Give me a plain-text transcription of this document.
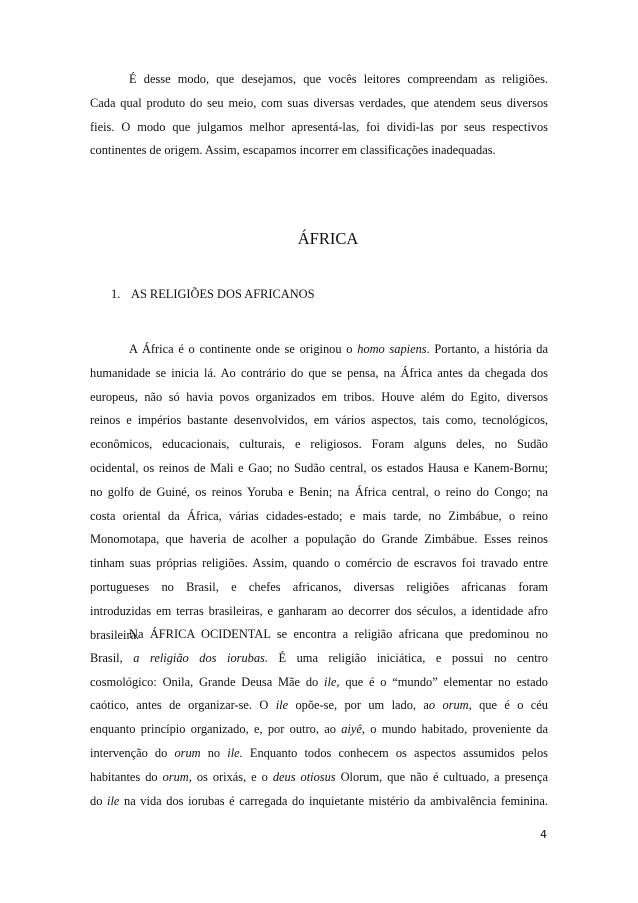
É desse modo, que desejamos, que vocês leitores compreendam as religiões.
Cada qual produto do seu meio, com suas diversas verdades, que atendem seus diversos
fieis. O modo que julgamos melhor apresentá-las, foi dividi-las por seus respectivos
continentes de origem. Assim, escapamos incorrer em classificações inadequadas.
ÁFRICA
1. AS RELIGIÕES DOS AFRICANOS
A África é o continente onde se originou o homo sapiens. Portanto, a história da
humanidade se inicia lá. Ao contrário do que se pensa, na África antes da chegada dos
europeus, não só havia povos organizados em tribos. Houve além do Egito, diversos
reinos e impérios bastante desenvolvidos, em vários aspectos, tais como, tecnológicos,
econômicos, educacionais, culturais, e religiosos. Foram alguns deles, no Sudão
ocidental, os reinos de Mali e Gao; no Sudão central, os estados Hausa e Kanem-Bornu;
no golfo de Guiné, os reinos Yoruba e Benin; na África central, o reino do Congo; na
costa oriental da África, várias cidades-estado; e mais tarde, no Zimbábue, o reino
Monomotapa, que haveria de acolher a população do Grande Zimbábue. Esses reinos
tinham suas próprias religiões. Assim, quando o comércio de escravos foi travado entre
portugueses no Brasil, e chefes africanos, diversas religiões africanas foram
introduzidas em terras brasileiras, e ganharam ao decorrer dos séculos, a identidade afro
brasileira.
Na ÁFRICA OCIDENTAL se encontra a religião africana que predominou no
Brasil, a religião dos iorubas. É uma religião iniciática, e possui no centro
cosmológico: Onila, Grande Deusa Mãe do ile, que é o “mundo” elementar no estado
caótico, antes de organizar-se. O ile opõe-se, por um lado, ao orum, que é o céu
enquanto princípio organizado, e, por outro, ao aiyê, o mundo habitado, proveniente da
intervenção do orum no ile. Enquanto todos conhecem os aspectos assumidos pelos
habitantes do orum, os orixás, e o deus otiosus Olorum, que não é cultuado, a presença
do ile na vida dos iorubas é carregada do inquietante mistério da ambivalência feminina.
4
